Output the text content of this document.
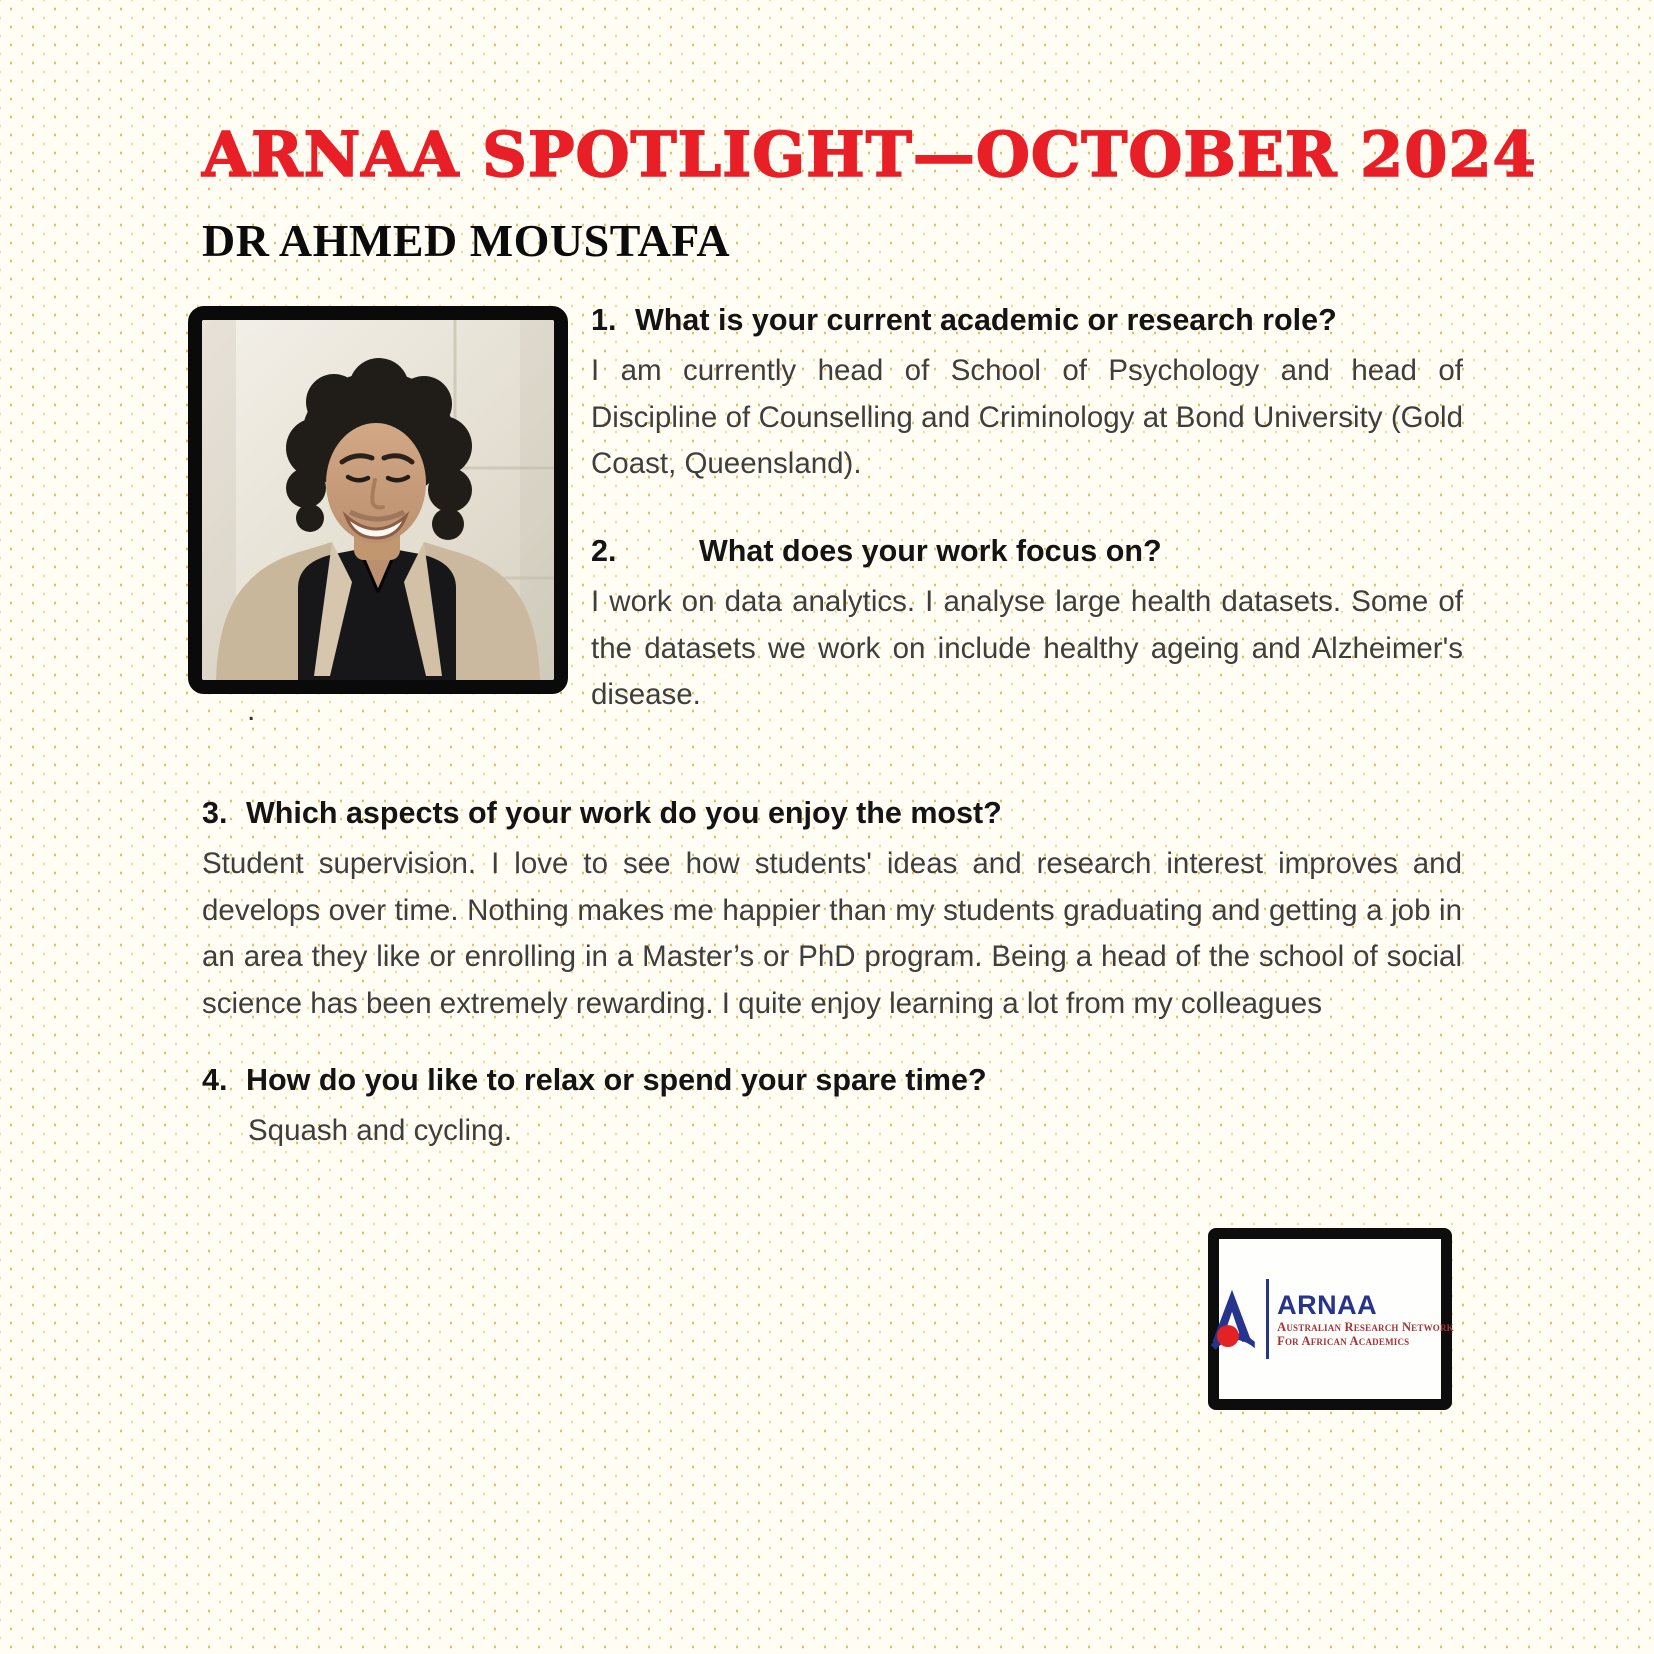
ARNAA SPOTLIGHT—OCTOBER 2024
DR AHMED MOUSTAFA
.
1. What is your current academic or research role?

I am currently head of School of Psychology and head of Discipline of Counselling and Criminology at Bond University (Gold Coast, Queensland).

2.	What does your work focus on?

I work on data analytics. I analyse large health datasets. Some of the datasets we work on include healthy ageing and Alzheimer's disease.

3. Which aspects of your work do you enjoy the most?

Student supervision. I love to see how students' ideas and research interest improves and develops over time. Nothing makes me happier than my students graduating and getting a job in an area they like or enrolling in a Master’s or PhD program. Being a head of the school of social science has been extremely rewarding. I quite enjoy learning a lot from my colleagues

4. How do you like to relax or spend your spare time?

Squash and cycling.

ARNAA
Australian Research Network
For African Academics
